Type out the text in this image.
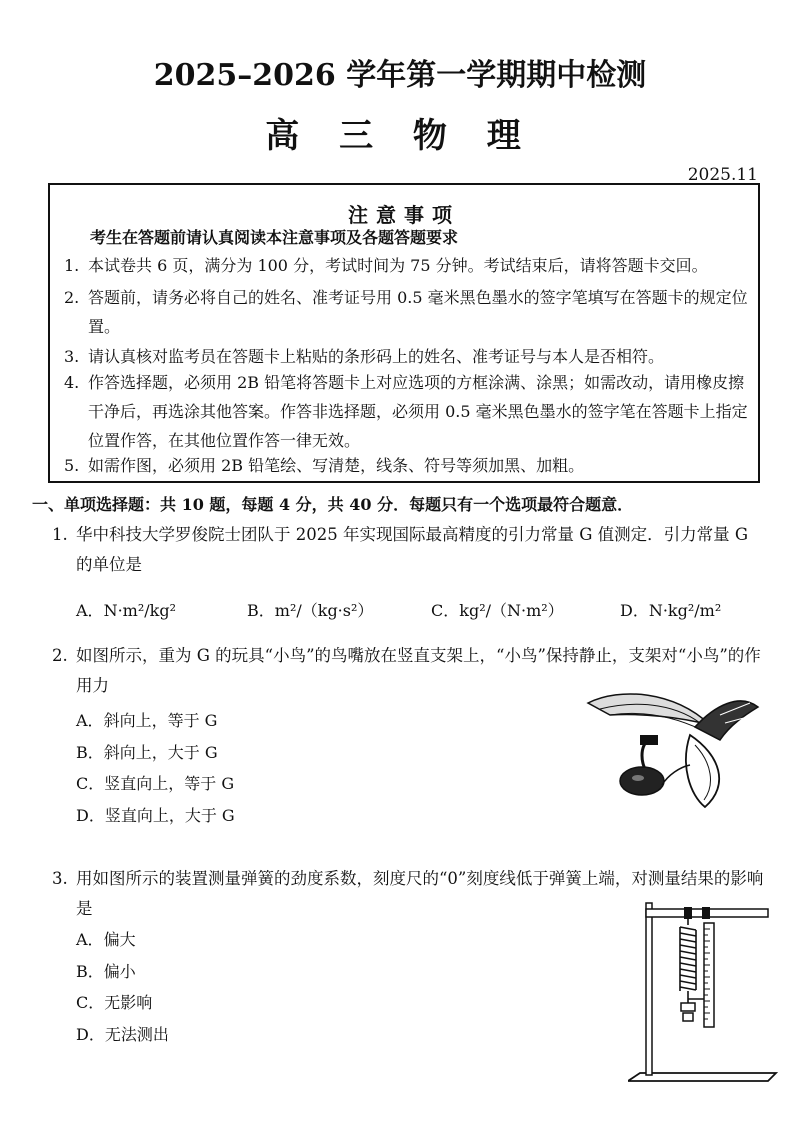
2025–2026 学年第一学期期中检测
高 三 物 理
2025.11
注意事项
考生在答题前请认真阅读本注意事项及各题答题要求
1. 本试卷共 6 页，满分为 100 分，考试时间为 75 分钟。考试结束后，请将答题卡交回。
2. 答题前，请务必将自己的姓名、准考证号用 0.5 毫米黑色墨水的签字笔填写在答题卡的规定位置。
3. 请认真核对监考员在答题卡上粘贴的条形码上的姓名、准考证号与本人是否相符。
4. 作答选择题，必须用 2B 铅笔将答题卡上对应选项的方框涂满、涂黑；如需改动，请用橡皮擦干净后，再选涂其他答案。作答非选择题，必须用 0.5 毫米黑色墨水的签字笔在答题卡上指定位置作答，在其他位置作答一律无效。
5. 如需作图，必须用 2B 铅笔绘、写清楚，线条、符号等须加黑、加粗。
一、单项选择题：共 10 题，每题 4 分，共 40 分．每题只有一个选项最符合题意．
1. 华中科技大学罗俊院士团队于 2025 年实现国际最高精度的引力常量 G 值测定．引力常量 G 的单位是
A．N·m²/kg²	B．m²/（kg·s²）	C．kg²/（N·m²）	D．N·kg²/m²
2. 如图所示，重为 G 的玩具“小鸟”的鸟嘴放在竖直支架上，“小鸟”保持静止，支架对“小鸟”的作用力
A．斜向上，等于 G
B．斜向上，大于 G
C．竖直向上，等于 G
D．竖直向上，大于 G
3. 用如图所示的装置测量弹簧的劲度系数，刻度尺的“0”刻度线低于弹簧上端，对测量结果的影响是
A．偏大
B．偏小
C．无影响
D．无法测出
